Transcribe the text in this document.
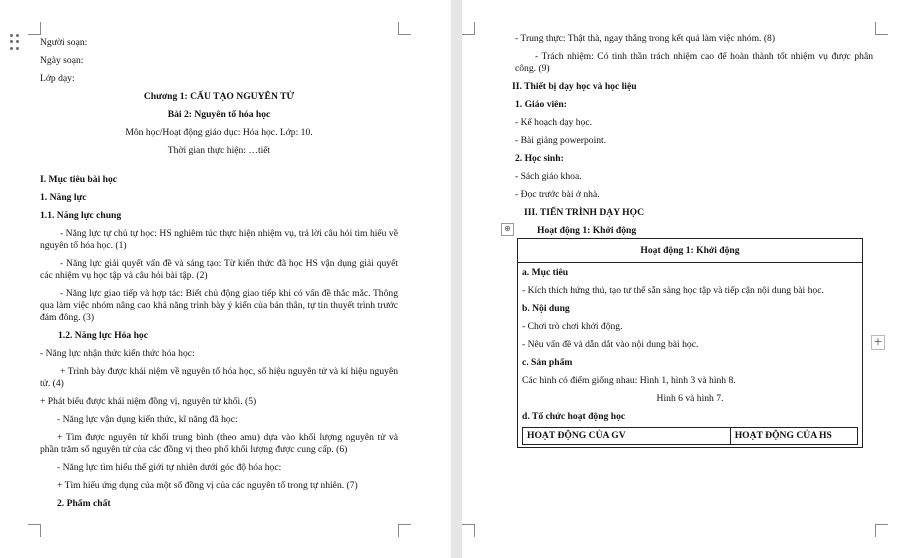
Người soạn:

Ngày soạn:

Lớp dạy:

Chương 1: CẤU TẠO NGUYÊN TỬ

Bài 2: Nguyên tố hóa học

Môn học/Hoạt động giáo dục: Hóa học. Lớp: 10.

Thời gian thực hiện: …tiết

I. Mục tiêu bài học

1. Năng lực

1.1. Năng lực chung

- Năng lực tự chủ tự học: HS nghiêm túc thực hiện nhiệm vụ, trả lời câu hỏi tìm hiểu về nguyên tố hóa học. (1)

- Năng lực giải quyết vấn đề và sáng tạo: Từ kiến thức đã học HS vận dụng giải quyết các nhiệm vụ học tập và câu hỏi bài tập. (2)

- Năng lực giao tiếp và hợp tác: Biết chủ động giao tiếp khi có vấn đề thắc mắc. Thông qua làm việc nhóm nâng cao khả năng trình bày ý kiến của bản thân, tự tin thuyết trình trước đám đông. (3)

1.2. Năng lực Hóa học

- Năng lực nhận thức kiến thức hóa học:

+ Trình bày được khái niệm về nguyên tố hóa học, số hiệu nguyên tử và kí hiệu nguyên tử. (4)

+ Phát biểu được khái niệm đồng vị, nguyên tử khối. (5)

- Năng lực vận dụng kiến thức, kĩ năng đã học:

+ Tìm được nguyên tử khối trung bình (theo amu) dựa vào khối lượng nguyên tử và phần trăm số nguyên tử của các đồng vị theo phổ khối lượng được cung cấp. (6)

- Năng lực tìm hiểu thế giới tự nhiên dưới góc độ hóa học:

+ Tìm hiểu ứng dụng của một số đồng vị của các nguyên tố trong tự nhiên. (7)

2. Phẩm chất

- Trung thực: Thật thà, ngay thẳng trong kết quả làm việc nhóm. (8)

- Trách nhiệm: Có tinh thần trách nhiệm cao để hoàn thành tốt nhiệm vụ được phân công. (9)

II. Thiết bị dạy học và học liệu

1. Giáo viên:

- Kế hoạch dạy học.

- Bài giảng powerpoint.

2. Học sinh:

- Sách giáo khoa.

- Đọc trước bài ở nhà.

III. TIẾN TRÌNH DẠY HỌC

Hoạt động 1: Khởi động

⊕
Hoạt động 1: Khởi động

a. Mục tiêu

- Kích thích hứng thú, tạo tư thế sẵn sàng học tập và tiếp cận nội dung bài học.

b. Nội dung

- Chơi trò chơi khởi động.

- Nêu vấn đề và dẫn dắt vào nội dung bài học.

c. Sản phẩm

Các hình có điểm giống nhau: Hình 1, hình 3 và hình 8.

Hình 6 và hình 7.

d. Tổ chức hoạt động học

HOẠT ĐỘNG CỦA GV	HOẠT ĐỘNG CỦA HS
+
